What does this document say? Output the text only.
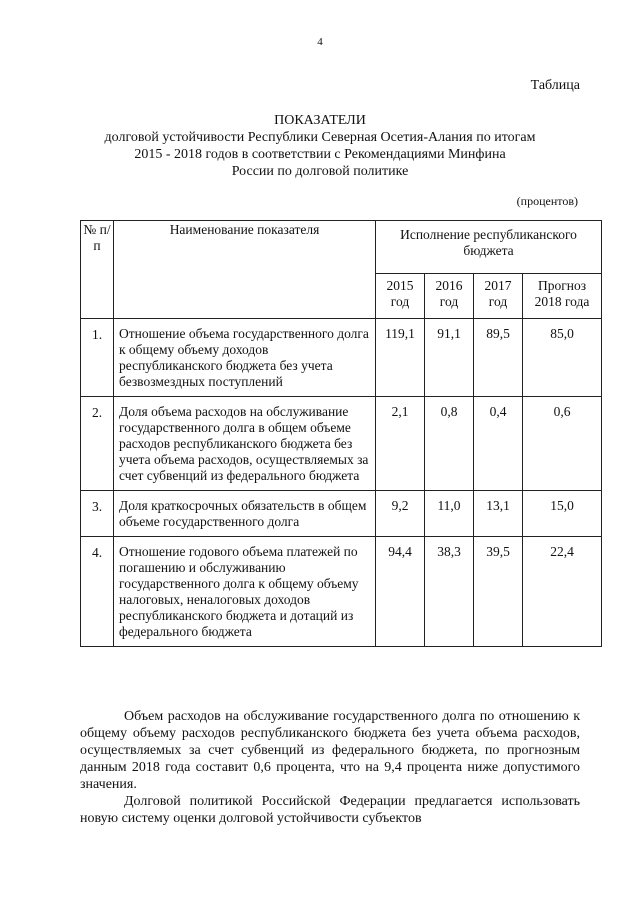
4
Таблица
ПОКАЗАТЕЛИ
долговой устойчивости Республики Северная Осетия-Алания по итогам
2015 - 2018 годов в соответствии с Рекомендациями Минфина
России по долговой политике
(процентов)
№ п/п	Наименование показателя	Исполнение республиканского бюджета			
		2015 год	2016 год	2017 год	Прогноз 2018 года
1.	Отношение объема государственного долга к общему объему доходов республиканского бюджета без учета безвозмездных поступлений	119,1	91,1	89,5	85,0
2.	Доля объема расходов на обслуживание государственного долга в общем объеме расходов республиканского бюджета без учета объема расходов, осуществляемых за счет субвенций из федерального бюджета	2,1	0,8	0,4	0,6
3.	Доля краткосрочных обязательств в общем объеме государственного долга	9,2	11,0	13,1	15,0
4.	Отношение годового объема платежей по погашению и обслуживанию государственного долга к общему объему налоговых, неналоговых доходов республиканского бюджета и дотаций из федерального бюджета	94,4	38,3	39,5	22,4

Объем расходов на обслуживание государственного долга по отношению к общему объему расходов республиканского бюджета без учета объема расходов, осуществляемых за счет субвенций из федерального бюджета, по прогнозным данным 2018 года составит 0,6 процента, что на 9,4 процента ниже допустимого значения.

Долговой политикой Российской Федерации предлагается использовать новую систему оценки долговой устойчивости субъектов
